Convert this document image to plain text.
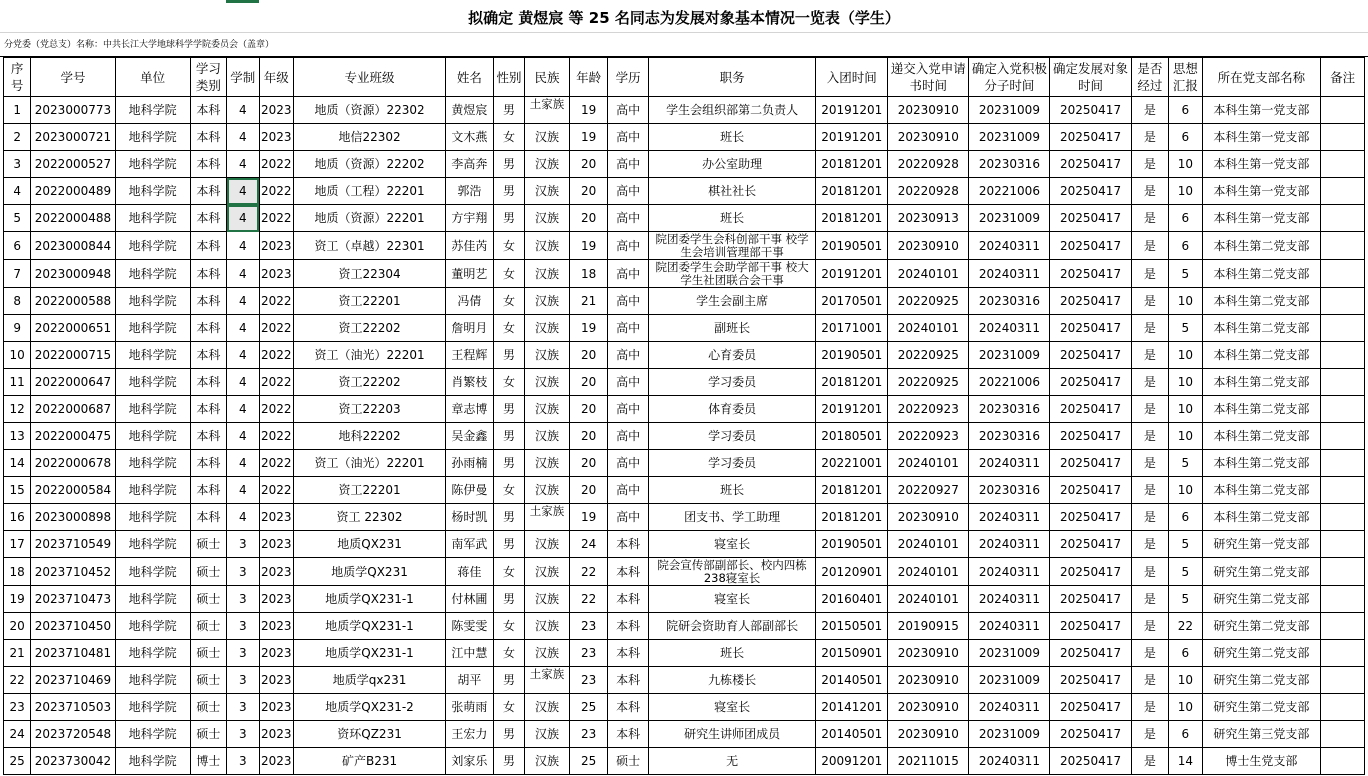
拟确定 黄煜宸 等 25 名同志为发展对象基本情况一览表（学生）
分党委（党总支）名称：中共长江大学地球科学学院委员会（盖章）
序号	学号	单位	学习类别	学制	年级	专业班级	姓名	性别	民族	年龄	学历	职务	入团时间	递交入党申请书时间	确定入党积极分子时间	确定发展对象时间	是否经过	思想汇报	所在党支部名称	备注
1	2023000773	地科学院	本科	4	2023	地质（资源）22302	黄煜宸	男	土家族	19	高中	学生会组织部第二负责人	20191201	20230910	20231009	20250417	是	6	本科生第一党支部	
2	2023000721	地科学院	本科	4	2023	地信22302	文木燕	女	汉族	19	高中	班长	20191201	20230910	20231009	20250417	是	6	本科生第一党支部	
3	2022000527	地科学院	本科	4	2022	地质（资源）22202	李高奔	男	汉族	20	高中	办公室助理	20181201	20220928	20230316	20250417	是	10	本科生第一党支部	
4	2022000489	地科学院	本科	4	2022	地质（工程）22201	郭浩	男	汉族	20	高中	棋社社长	20181201	20220928	20221006	20250417	是	10	本科生第一党支部	
5	2022000488	地科学院	本科	4	2022	地质（资源）22201	方宇翔	男	汉族	20	高中	班长	20181201	20230913	20231009	20250417	是	6	本科生第一党支部	
6	2023000844	地科学院	本科	4	2023	资工（卓越）22301	苏佳芮	女	汉族	19	高中	院团委学生会科创部干事 校学生会培训管理部干事	20190501	20230910	20240311	20250417	是	6	本科生第二党支部	
7	2023000948	地科学院	本科	4	2023	资工22304	董明艺	女	汉族	18	高中	院团委学生会助学部干事 校大学生社团联合会干事	20191201	20240101	20240311	20250417	是	5	本科生第二党支部	
8	2022000588	地科学院	本科	4	2022	资工22201	冯倩	女	汉族	21	高中	学生会副主席	20170501	20220925	20230316	20250417	是	10	本科生第二党支部	
9	2022000651	地科学院	本科	4	2022	资工22202	詹明月	女	汉族	19	高中	副班长	20171001	20240101	20240311	20250417	是	5	本科生第二党支部	
10	2022000715	地科学院	本科	4	2022	资工（油光）22201	王程辉	男	汉族	20	高中	心育委员	20190501	20220925	20231009	20250417	是	10	本科生第二党支部	
11	2022000647	地科学院	本科	4	2022	资工22202	肖繁枝	女	汉族	20	高中	学习委员	20181201	20220925	20221006	20250417	是	10	本科生第二党支部	
12	2022000687	地科学院	本科	4	2022	资工22203	章志博	男	汉族	20	高中	体育委员	20191201	20220923	20230316	20250417	是	10	本科生第二党支部	
13	2022000475	地科学院	本科	4	2022	地科22202	吴金鑫	男	汉族	20	高中	学习委员	20180501	20220923	20230316	20250417	是	10	本科生第二党支部	
14	2022000678	地科学院	本科	4	2022	资工（油光）22201	孙雨楠	男	汉族	20	高中	学习委员	20221001	20240101	20240311	20250417	是	5	本科生第二党支部	
15	2022000584	地科学院	本科	4	2022	资工22201	陈伊曼	女	汉族	20	高中	班长	20181201	20220927	20230316	20250417	是	10	本科生第二党支部	
16	2023000898	地科学院	本科	4	2023	资工 22302	杨时凯	男	土家族	19	高中	团支书、学工助理	20181201	20230910	20240311	20250417	是	6	本科生第二党支部	
17	2023710549	地科学院	硕士	3	2023	地质QX231	南军武	男	汉族	24	本科	寝室长	20190501	20240101	20240311	20250417	是	5	研究生第一党支部	
18	2023710452	地科学院	硕士	3	2023	地质学QX231	蒋佳	女	汉族	22	本科	院会宣传部副部长、校内四栋238寝室长	20120901	20240101	20240311	20250417	是	5	研究生第二党支部	
19	2023710473	地科学院	硕士	3	2023	地质学QX231-1	付林圃	男	汉族	22	本科	寝室长	20160401	20240101	20240311	20250417	是	5	研究生第二党支部	
20	2023710450	地科学院	硕士	3	2023	地质学QX231-1	陈雯雯	女	汉族	23	本科	院研会资助育人部副部长	20150501	20190915	20240311	20250417	是	22	研究生第二党支部	
21	2023710481	地科学院	硕士	3	2023	地质学QX231-1	江中慧	女	汉族	23	本科	班长	20150901	20230910	20231009	20250417	是	6	研究生第二党支部	
22	2023710469	地科学院	硕士	3	2023	地质学qx231	胡平	男	土家族	23	本科	九栋楼长	20140501	20230910	20231009	20250417	是	10	研究生第二党支部	
23	2023710503	地科学院	硕士	3	2023	地质学QX231-2	张萌雨	女	汉族	25	本科	寝室长	20141201	20230910	20240311	20250417	是	10	研究生第二党支部	
24	2023720548	地科学院	硕士	3	2023	资环QZ231	王宏力	男	汉族	23	本科	研究生讲师团成员	20140501	20230910	20231009	20250417	是	6	研究生第三党支部	
25	2023730042	地科学院	博士	3	2023	矿产B231	刘家乐	男	汉族	25	硕士	无	20091201	20211015	20240311	20250417	是	14	博士生党支部	
